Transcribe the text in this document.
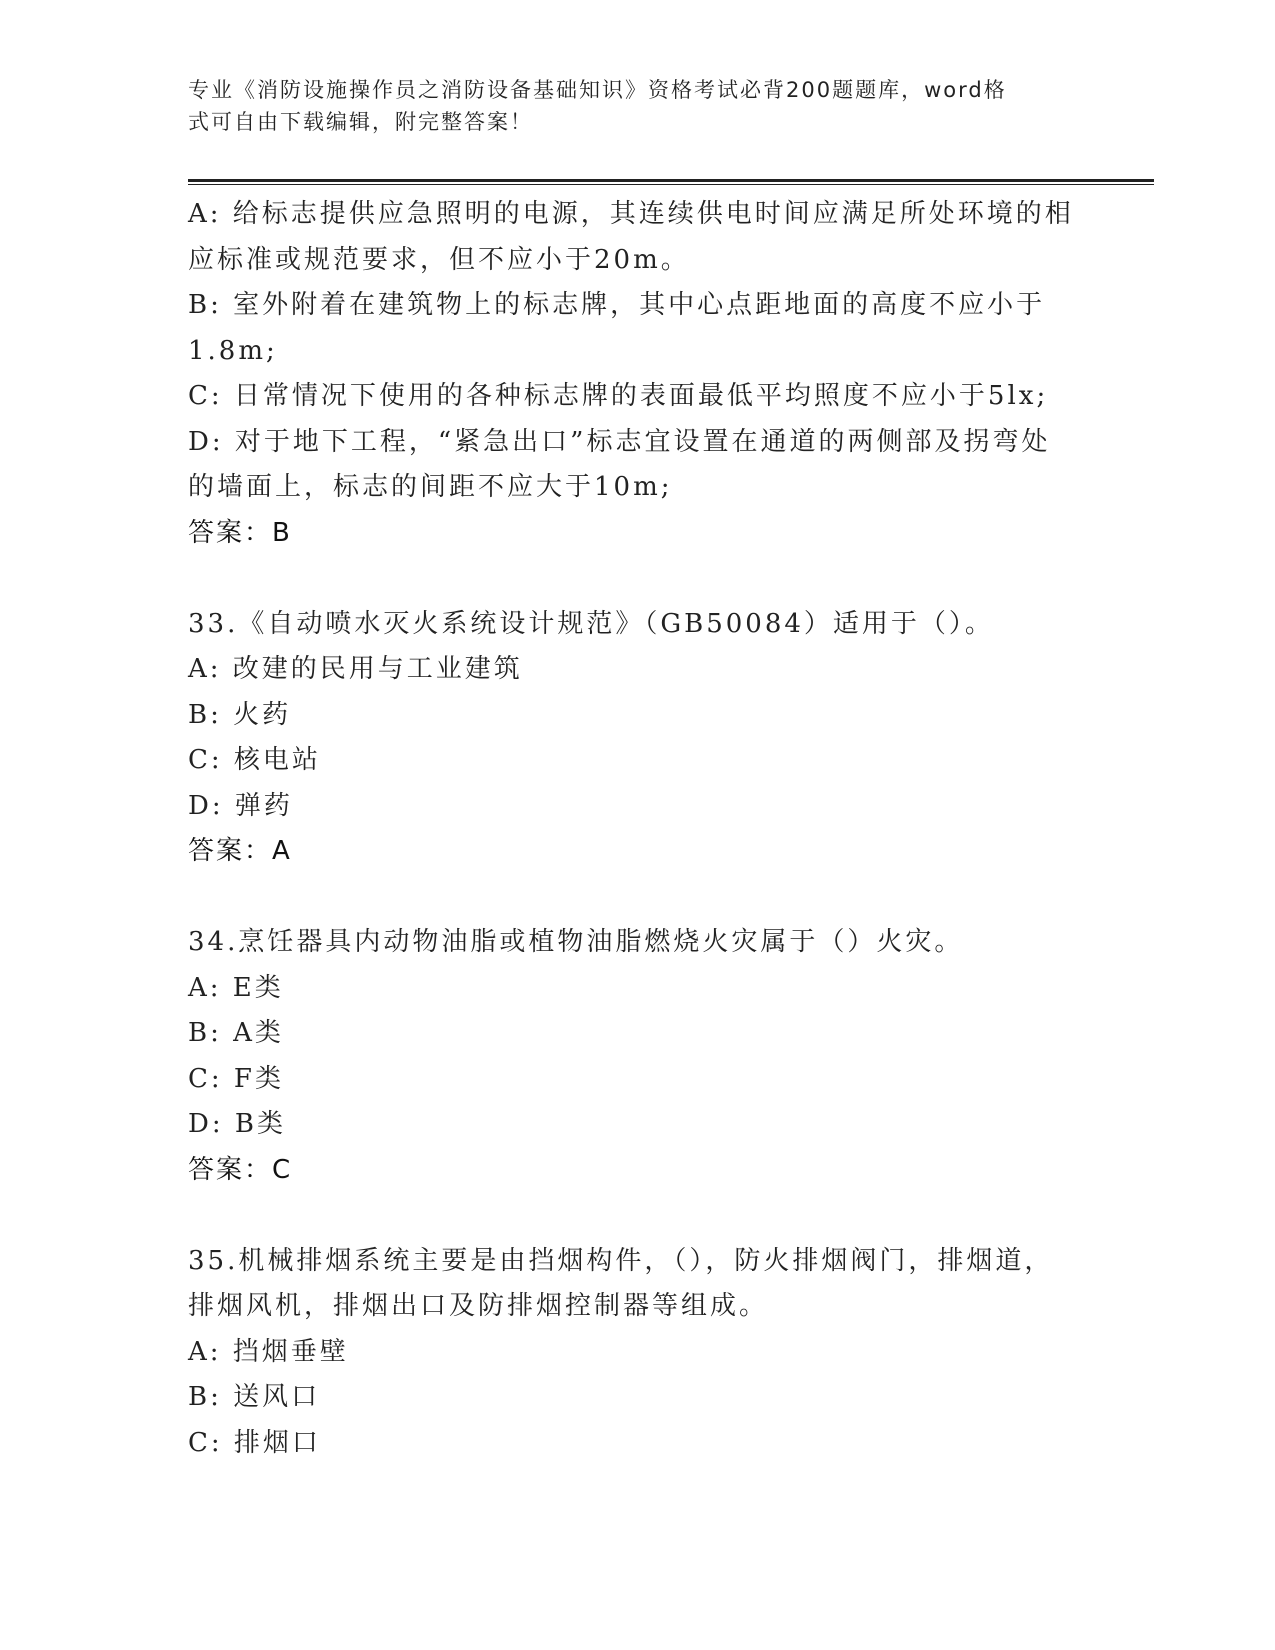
专业《消防设施操作员之消防设备基础知识》资格考试必背200题题库，word格
式可自由下载编辑，附完整答案！
A: 给标志提供应急照明的电源，其连续供电时间应满足所处环境的相
应标准或规范要求，但不应小于20m。
B: 室外附着在建筑物上的标志牌，其中心点距地面的高度不应小于
1.8m;
C: 日常情况下使用的各种标志牌的表面最低平均照度不应小于5lx;
D: 对于地下工程，“紧急出口”标志宜设置在通道的两侧部及拐弯处
的墙面上，标志的间距不应大于10m;
答案：B
33.《自动喷水灭火系统设计规范》（GB50084）适用于（）。
A: 改建的民用与工业建筑
B: 火药
C: 核电站
D: 弹药
答案：A
34.烹饪器具内动物油脂或植物油脂燃烧火灾属于（）火灾。
A: E类
B: A类
C: F类
D: B类
答案：C
35.机械排烟系统主要是由挡烟构件，（），防火排烟阀门，排烟道，
排烟风机，排烟出口及防排烟控制器等组成。
A: 挡烟垂壁
B: 送风口
C: 排烟口
